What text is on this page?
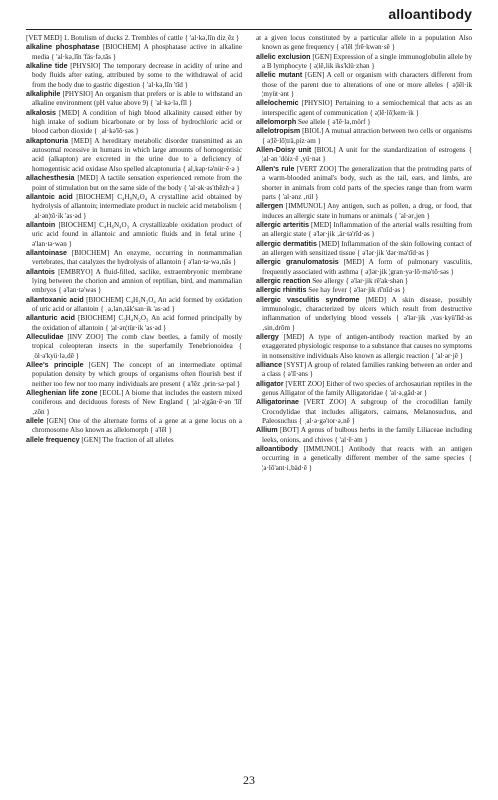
alloantibody

[VET MED] 1. Botulism of ducks 2. Trembles of cattle { 'al·kə‚līn dizˌēz }

alkaline phosphatase [BIOCHEM] A phosphatase active in alkaline media { 'al·kə‚līn 'fäs·fə‚tās }

alkaline tide [PHYSIO] The temporary decrease in acidity of urine and body fluids after eating, attributed by some to the withdrawal of acid from the body due to gastric digestion { 'al·kə‚līn 'tīd }

alkaliphile [PHYSIO] An organism that prefers or is able to withstand an alkaline environment (pH value above 9) { 'al·kə·lə‚fīl }

alkalosis [MED] A condition of high blood alkalinity caused either by high intake of sodium bicarbonate or by loss of hydrochloric acid or blood carbon dioxide { ˌal·kə'lō·səs }

alkaptonuria [MED] A hereditary metabolic disorder transmitted as an autosomal recessive in humans in which large amounts of homogentisic acid (alkapton) are excreted in the urine due to a deficiency of homogentisic acid oxidase Also spelled alcaptonuria { al‚kap·tə'nür·ē·ə }

allachesthesia [MED] A tactile sensation experienced remote from the point of stimulation but on the same side of the body { 'al·ək·əs'thēzh·ə }

allantoic acid [BIOCHEM] C₄H₈N₄O₄ A crystalline acid obtained by hydrolysis of allantoin; intermediate product in nucleic acid metabolism { ˌal·ən¦tō·ik 'as·əd }

allantoin [BIOCHEM] C₄H₆N₄O₃ A crystallizable oxidation product of uric acid found in allantoic and amniotic fluids and in fetal urine { ə'lan·tə·wən }

allantoinase [BIOCHEM] An enzyme, occurring in nonmammalian vertebrates, that catalyzes the hydrolysis of allantoin { ə'lan·tə·wə‚nās }

allantois [EMBRYO] A fluid-filled, saclike, extraembryonic membrane lying between the chorion and amnion of reptilian, bird, and mammalian embryos { ə'lan·tə'wəs }

allantoxanic acid [BIOCHEM] C₄H₃N₃O₄ An acid formed by oxidation of uric acid or allantoin { ˌa‚lan‚täk'san·ik 'as·əd }

allanturic acid [BIOCHEM] C₃H₄N₂O₃ An acid formed principally by the oxidation of allantoin { ¦al·ən¦tür·ik 'as·əd }

Alleculidae [INV ZOO] The comb claw beetles, a family of mostly tropical coleopteran insects in the superfamily Tenebrionoidea { ˌöl·ə'kyü·lə‚dē }

Allee's principle [GEN] The concept of an intermediate optimal population density by which groups of organisms often flourish best if neither too few nor too many individuals are present { a'lēz ‚prin·sə·pəl }

Alleghenian life zone [ECOL] A biome that includes the eastern mixed coniferous and deciduous forests of New England { ¦al·ə¦gān·ē·ən 'līf ‚zōn }

allele [GEN] One of the alternate forms of a gene at a gene locus on a chromosome Also known as allelomorph { ə'lēl }

allele frequency [GEN] The fraction of all alleles

at a given locus constituted by a particular allele in a population Also known as gene frequency { ə'lēl ¦frē·kwən·sē }

allelic exclusion [GEN] Expression of a single immunoglobulin allele by a B lymphocyte { ə¦lē‚lik iks'klü·zhən }

allelic mutant [GEN] A cell or organism with characters different from those of the parent due to alterations of one or more alleles { ə¦lēl·ik ¦myüt·ənt }

allelochemic [PHYSIO] Pertaining to a semiochemical that acts as an interspecific agent of communication { ə¦lē·lō¦kem·ik }

allelomorph See allele { ə'lē·lə‚mörf }

allelotropism [BIOL] A mutual attraction between two cells or organisms { ə¦lē·lō¦trä‚piz·əm }

Allen-Doisy unit [BIOL] A unit for the standardization of estrogens { ¦al·ən 'döiz·ē ‚yü·nət }

Allen's rule [VERT ZOO] The generalization that the protruding parts of a warm-blooded animal's body, such as the tail, ears, and limbs, are shorter in animals from cold parts of the species range than from warm parts { 'al·ənz ‚rül }

allergen [IMMUNOL] Any antigen, such as pollen, a drug, or food, that induces an allergic state in humans or animals { 'al·ər‚jen }

allergic arteritis [MED] Inflammation of the arterial walls resulting from an allergic state { ə'lər·jik ‚är·tə'rīd·əs }

allergic dermatitis [MED] Inflammation of the skin following contact of an allergen with sensitized tissue { ə'lər·jik 'dər·mə'tīd·əs }

allergic granulomatosis [MED] A form of pulmonary vasculitis, frequently associated with asthma { ə¦lər·jik ¦gran·yə·lō·mə'tō·səs }

allergic reaction See allergy { ə'lər·jik rē'ak·shən }

allergic rhinitis See hay fever { ə'lər·jik rī'nīd·əs }

allergic vasculitis syndrome [MED] A skin disease, possibly immunologic, characterized by ulcers which result from destructive inflammation of underlying blood vessels { ə'lər·jik ‚vas·kyü'līd·əs ‚sin‚drōm }

allergy [MED] A type of antigen-antibody reaction marked by an exaggerated physiologic response to a substance that causes no symptoms in nonsensitive individuals Also known as allergic reaction { 'al·ər·jē }

alliance [SYST] A group of related families ranking between an order and a class { ə'lī·əns }

alligator [VERT ZOO] Either of two species of archosaurian reptiles in the genus Alligator of the family Alligatoridae { 'al·ə‚gād·ər }

Alligatorinae [VERT ZOO] A subgroup of the crocodilian family Crocodylidae that includes alligators, caimans, Melanosuchus, and Paleosuchus { ˌal·ə·gə'tor·ə‚nē }

Allium [BOT] A genus of bulbous herbs in the family Liliaceae including leeks, onions, and chives { 'al·ē·əm }

alloantibody [IMMUNOL] Antibody that reacts with an antigen occurring in a genetically different member of the same species { ¦a·lō'ant·i‚bäd·ē }

23
